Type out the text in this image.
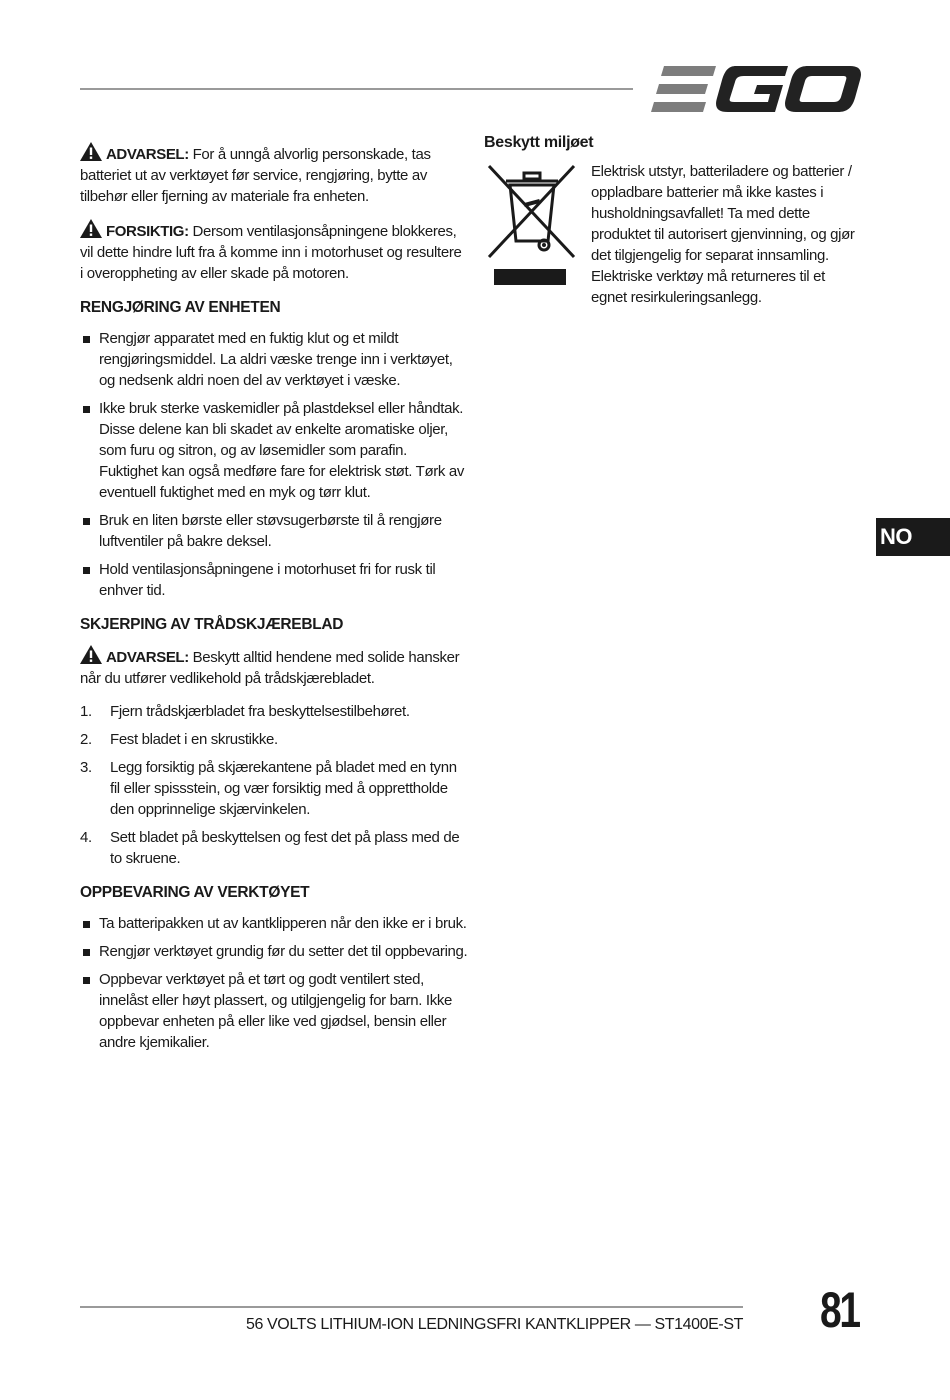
ADVARSEL: For å unngå alvorlig personskade, tas batteriet ut av verktøyet før service, rengjøring, bytte av tilbehør eller fjerning av materiale fra enheten.

FORSIKTIG: Dersom ventilasjonsåpningene blokkeres, vil dette hindre luft fra å komme inn i motorhuset og resultere i overoppheting av eller skade på motoren.

RENGJØRING AV ENHETEN
Rengjør apparatet med en fuktig klut og et mildt rengjøringsmiddel. La aldri væske trenge inn i verktøyet, og nedsenk aldri noen del av verktøyet i væske.
Ikke bruk sterke vaskemidler på plastdeksel eller håndtak. Disse delene kan bli skadet av enkelte aromatiske oljer, som furu og sitron, og av løsemidler som parafin. Fuktighet kan også medføre fare for elektrisk støt. Tørk av eventuell fuktighet med en myk og tørr klut.
Bruk en liten børste eller støvsugerbørste til å rengjøre luftventiler på bakre deksel.
Hold ventilasjonsåpningene i motorhuset fri for rusk til enhver tid.
SKJERPING AV TRÅDSKJÆREBLAD

ADVARSEL: Beskytt alltid hendene med solide hansker når du utfører vedlikehold på trådskjærebladet.

1. Fjern trådskjærbladet fra beskyttelsestilbehøret.
2. Fest bladet i en skrustikke.
3. Legg forsiktig på skjærekantene på bladet med en tynn fil eller spissstein, og vær forsiktig med å opprettholde den opprinnelige skjærvinkelen.
4. Sett bladet på beskyttelsen og fest det på plass med de to skruene.
OPPBEVARING AV VERKTØYET
Ta batteripakken ut av kantklipperen når den ikke er i bruk.
Rengjør verktøyet grundig før du setter det til oppbevaring.
Oppbevar verktøyet på et tørt og godt ventilert sted, innelåst eller høyt plassert, og utilgjengelig for barn. Ikke oppbevar enheten på eller like ved gjødsel, bensin eller andre kjemikalier.
Beskytt miljøet
Elektrisk utstyr, batteriladere og batterier / oppladbare batterier må ikke kastes i husholdningsavfallet! Ta med dette produktet til autorisert gjenvinning, og gjør det tilgjengelig for separat innsamling. Elektriske verktøy må returneres til et egnet resirkuleringsanlegg.
NO
56 VOLTS LITHIUM-ION LEDNINGSFRI KANTKLIPPER — ST1400E-ST 81
